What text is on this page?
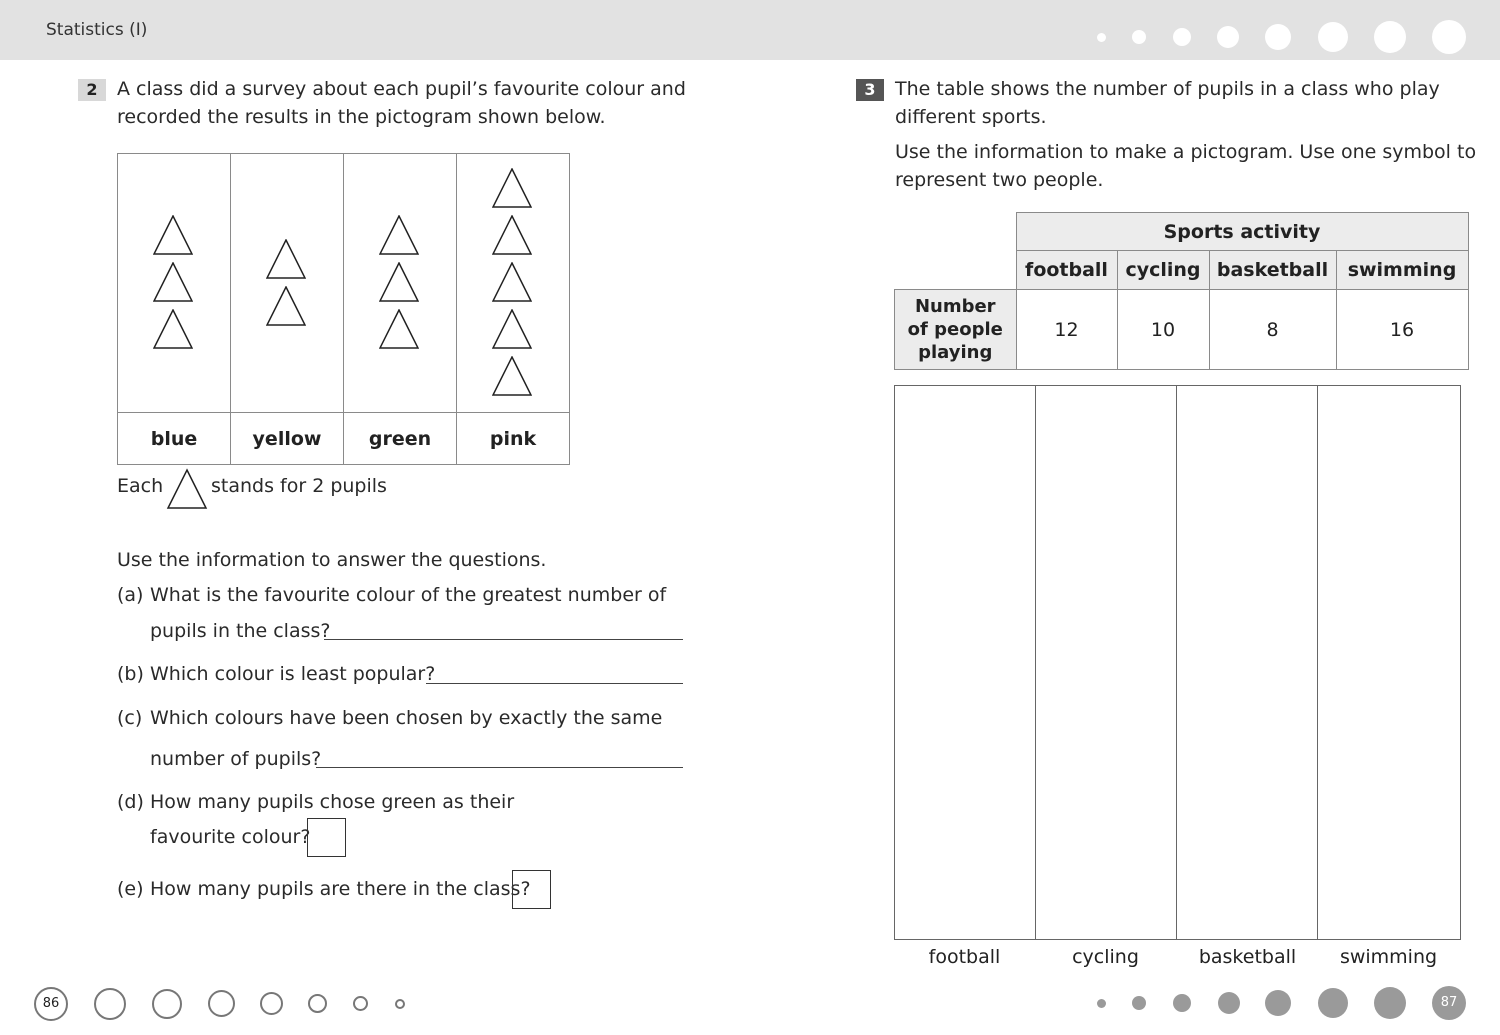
Statistics (I)
2	A class did a survey about each pupil’s favourite colour and
recorded the results in the pictogram shown below.

blue	yellow	green	pink
Each	stands for 2 pupils
Use the information to answer the questions.
(a) What is the favourite colour of the greatest number of
pupils in the class?
(b) Which colour is least popular?
(c) Which colours have been chosen by exactly the same
number of pupils?
(d) How many pupils chose green as their
favourite colour?
(e) How many pupils are there in the class?
3	The table shows the number of pupils in a class who play
different sports.
Use the information to make a pictogram. Use one symbol to
represent two people.
	Sports activity			
	football	cycling	basketball	swimming

Number
of people
playing	12	10	8	16
football	cycling	basketball	swimming
86	87
